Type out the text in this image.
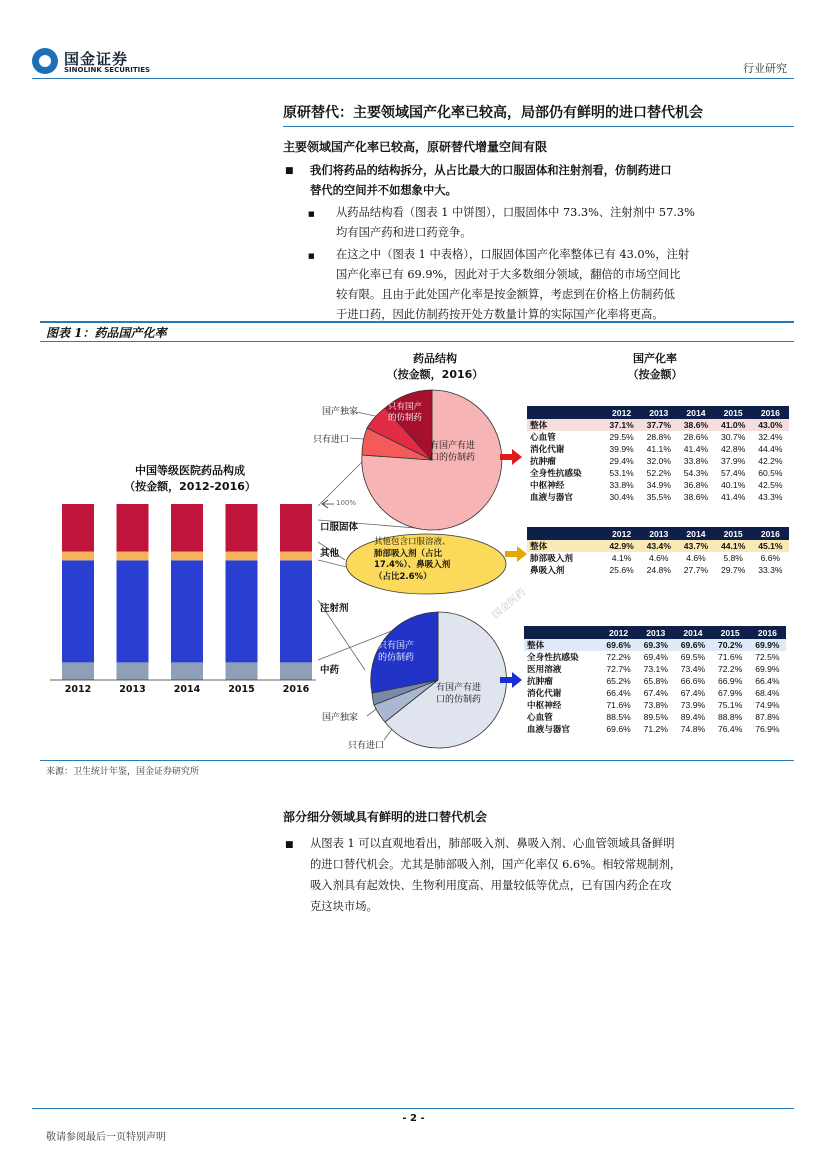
国金证券
SINOLINK SECURITIES	行业研究
原研替代：主要领域国产化率已较高，局部仍有鲜明的进口替代机会
主要领域国产化率已较高，原研替代增量空间有限
■ 我们将药品的结构拆分，从占比最大的口服固体和注射剂看，仿制药进口
替代的空间并不如想象中大。
■ 从药品结构看（图表 1 中饼图），口服固体中 73.3%、注射剂中 57.3%
均有国产药和进口药竞争。
■ 在这之中（图表 1 中表格），口服固体国产化率整体已有 43.0%，注射
国产化率已有 69.9%，因此对于大多数细分领域，翻倍的市场空间比
较有限。且由于此处国产化率是按金额算，考虑到在价格上仿制药低
于进口药，因此仿制药按开处方数量计算的实际国产化率将更高。
图表 1：药品国产化率
药品结构
（按金额，2016）
国产化率
（按金额）
中国等级医院药品构成
（按金额，2012-2016）
国产独家
只有进口
只有国产
的仿制药
有国产有进
口的仿制药
国产独家
只有进口
只有国产
的仿制药
有国产有进
口的仿制药
其他包含口服溶液、
肺部吸入剂（占比
17.4%）、鼻吸入剂
（占比2.6%）
国金医药
100%
口服固体
其他
注射剂
中药
2012	2013	2014	2015	2016
	2012	2013	2014	2015	2016
整体	37.1%	37.7%	38.6%	41.0%	43.0%
心血管	29.5%	28.8%	28.6%	30.7%	32.4%
消化代谢	39.9%	41.1%	41.4%	42.8%	44.4%
抗肿瘤	29.4%	32.0%	33.8%	37.9%	42.2%
全身性抗感染	53.1%	52.2%	54.3%	57.4%	60.5%
中枢神经	33.8%	34.9%	36.8%	40.1%	42.5%
血液与器官	30.4%	35.5%	38.6%	41.4%	43.3%
	2012	2013	2014	2015	2016
整体	42.9%	43.4%	43.7%	44.1%	45.1%
肺部吸入剂	4.1%	4.6%	4.6%	5.8%	6.6%
鼻吸入剂	25.6%	24.8%	27.7%	29.7%	33.3%
	2012	2013	2014	2015	2016
整体	69.6%	69.3%	69.6%	70.2%	69.9%
全身性抗感染	72.2%	69.4%	69.5%	71.6%	72.5%
医用溶液	72.7%	73.1%	73.4%	72.2%	69.9%
抗肿瘤	65.2%	65.8%	66.6%	66.9%	66.4%
消化代谢	66.4%	67.4%	67.4%	67.9%	68.4%
中枢神经	71.6%	73.8%	73.9%	75.1%	74.9%
心血管	88.5%	89.5%	89.4%	88.8%	87.8%
血液与器官	69.6%	71.2%	74.8%	76.4%	76.9%
来源：卫生统计年鉴，国金证券研究所
部分细分领域具有鲜明的进口替代机会
■ 从图表 1 可以直观地看出，肺部吸入剂、鼻吸入剂、心血管领域具备鲜明
的进口替代机会。尤其是肺部吸入剂，国产化率仅 6.6%。相较常规制剂，
吸入剂具有起效快、生物利用度高、用量较低等优点，已有国内药企在攻
克这块市场。
- 2 -
敬请参阅最后一页特别声明
